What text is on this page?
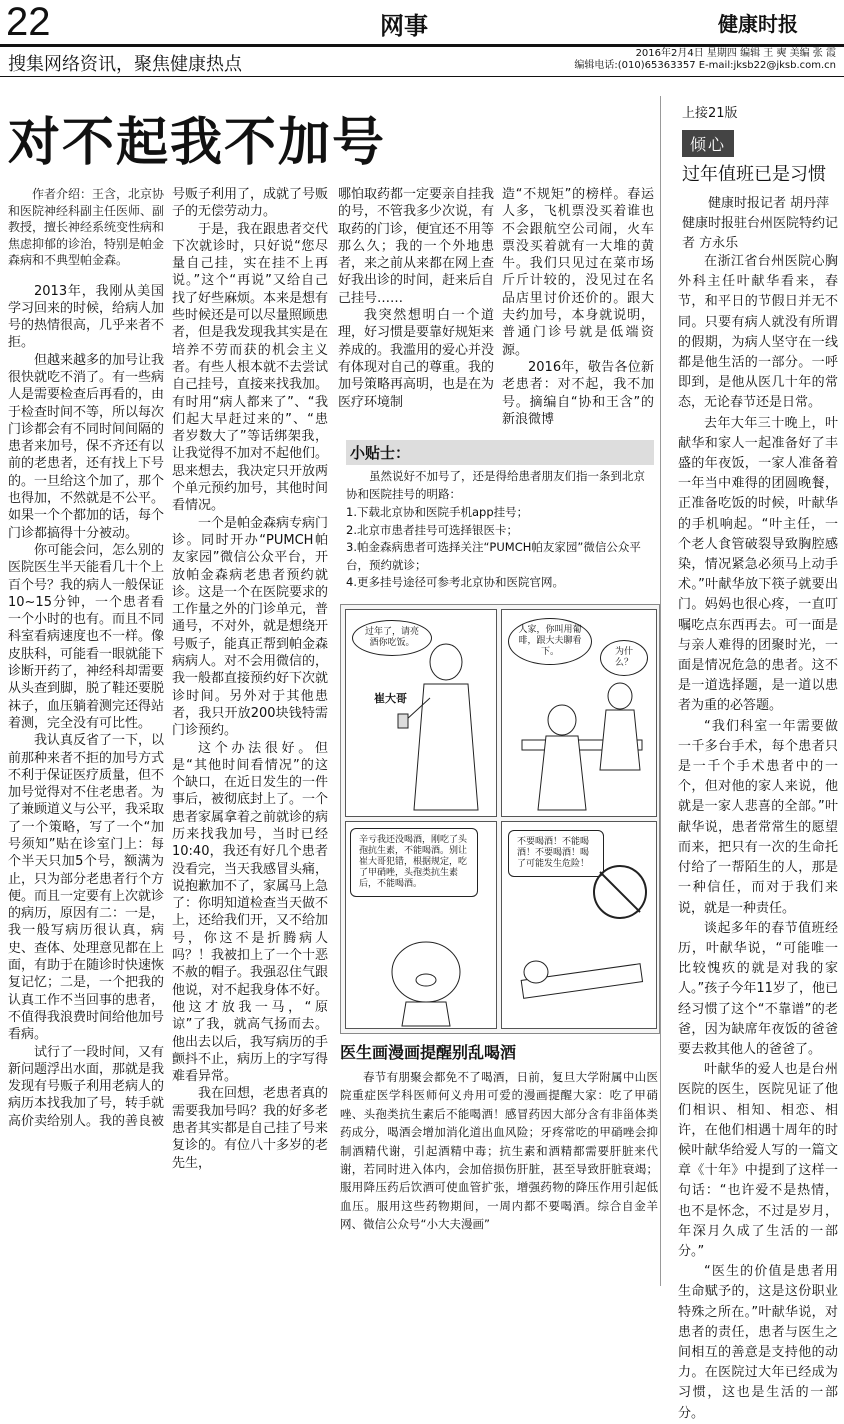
22	网事	健康时报
搜集网络资讯，聚焦健康热点
2016年2月4日 星期四 编辑 王 奭 美编 张 霞
编辑电话:(010)65363357 E-mail:jksb22@jksb.com.cn
对不起我不加号

作者介绍：王含，北京协和医院神经科副主任医师、副教授，擅长神经系统变性病和焦虑抑郁的诊治，特别是帕金森病和不典型帕金森。

2013年，我刚从美国学习回来的时候，给病人加号的热情很高，几乎来者不拒。

但越来越多的加号让我很快就吃不消了。有一些病人是需要检查后再看的，由于检查时间不等，所以每次门诊都会有不同时间间隔的患者来加号，保不齐还有以前的老患者，还有找上下号的。一旦给这个加了，那个也得加，不然就是不公平。如果一个个都加的话，每个门诊都搞得十分被动。

你可能会问，怎么别的医院医生半天能看几十个上百个号？我的病人一般保证10~15分钟，一个患者看一个小时的也有。而且不同科室看病速度也不一样。像皮肤科，可能看一眼就能下诊断开药了，神经科却需要从头查到脚，脱了鞋还要脱袜子，血压躺着测完还得站着测，完全没有可比性。

我认真反省了一下，以前那种来者不拒的加号方式不利于保证医疗质量，但不加号觉得对不住老患者。为了兼顾道义与公平，我采取了一个策略，写了一个“加号须知”贴在诊室门上：每个半天只加5个号，额满为止，只为部分老患者行个方便。而且一定要有上次就诊的病历，原因有二：一是，我一般写病历很认真，病史、查体、处理意见都在上面，有助于在随诊时快速恢复记忆；二是，一个把我的认真工作不当回事的患者，不值得我浪费时间给他加号看病。

试行了一段时间，又有新问题浮出水面，那就是我发现有号贩子利用老病人的病历本找我加了号，转手就高价卖给别人。我的善良被

号贩子利用了，成就了号贩子的无偿劳动力。

于是，我在跟患者交代下次就诊时，只好说“您尽量自己挂，实在挂不上再说。”这个“再说”又给自己找了好些麻烦。本来是想有些时候还是可以尽量照顾患者，但是我发现我其实是在培养不劳而获的机会主义者。有些人根本就不去尝试自己挂号，直接来找我加。有时用“病人都来了”、“我们起大早赶过来的”、“患者岁数大了”等话绑架我，让我觉得不加对不起他们。思来想去，我决定只开放两个单元预约加号，其他时间看情况。

一个是帕金森病专病门诊。同时开办“PUMCH帕友家园”微信公众平台，开放帕金森病老患者预约就诊。这是一个在医院要求的工作量之外的门诊单元，普通号，不对外，就是想绕开号贩子，能真正帮到帕金森病病人。对不会用微信的，我一般都直接预约好下次就诊时间。另外对于其他患者，我只开放200块钱特需门诊预约。

这个办法很好。但是“其他时间看情况”的这个缺口，在近日发生的一件事后，被彻底封上了。一个患者家属拿着之前就诊的病历来找我加号，当时已经10:40，我还有好几个患者没看完，当天我感冒头痛，说抱歉加不了，家属马上急了：你明知道检查当天做不上，还给我们开，又不给加号，你这不是折腾病人吗？！我被扣上了一个十恶不赦的帽子。我强忍住气跟他说，对不起我身体不好。他这才放我一马，“原谅”了我，就高气扬而去。他出去以后，我写病历的手颤抖不止，病历上的字写得难看异常。

我在回想，老患者真的需要我加号吗？我的好多老患者其实都是自己挂了号来复诊的。有位八十多岁的老先生，

哪怕取药都一定要亲自挂我的号，不管我多少次说，有取药的门诊，便宜还不用等那么久；我的一个外地患者，来之前从来都在网上查好我出诊的时间，赶来后自己挂号……

我突然想明白一个道理，好习惯是要靠好规矩来养成的。我滥用的爱心并没有体现对自己的尊重。我的加号策略再高明，也是在为医疗环境制

造“不规矩”的榜样。春运人多，飞机票没买着谁也不会跟航空公司闹，火车票没买着就有一大堆的黄牛。我们只见过在菜市场斤斤计较的，没见过在名品店里讨价还价的。跟大夫约加号，本身就说明，普通门诊号就是低端资源。

2016年，敬告各位新老患者：对不起，我不加号。摘编自“协和王含”的新浪微博

小贴士：
虽然说好不加号了，还是得给患者朋友们指一条到北京协和医院挂号的明路：
1.下载北京协和医院手机app挂号；
2.北京市患者挂号可选择银医卡；
3.帕金森病患者可选择关注“PUMCH帕友家园”微信公众平台，预约就诊；
4.更多挂号途径可参考北京协和医院官网。
过年了，请亮酒你吃饭。
崔大哥
人家，你叫用葡啡，跟大夫聊看下。	为什么？
辛亏我还没喝酒，刚吃了头孢抗生素，不能喝酒。别让崔大哥犯错，根据规定，吃了甲硝唑，头孢类抗生素后，不能喝酒。
不要喝酒！不能喝酒！不要喝酒！喝了可能发生危险！
医生画漫画提醒别乱喝酒
春节有朋聚会都免不了喝酒，日前，复旦大学附属中山医院重症医学科医师何义舟用可爱的漫画提醒大家：吃了甲硝唑、头孢类抗生素后不能喝酒！感冒药因大部分含有非甾体类药成分，喝酒会增加消化道出血风险；牙疼常吃的甲硝唑会抑制酒精代谢，引起酒精中毒；抗生素和酒精都需要肝脏来代谢，若同时进入体内，会加倍损伤肝脏，甚至导致肝脏衰竭；服用降压药后饮酒可使血管扩张，增强药物的降压作用引起低血压。服用这些药物期间，一周内都不要喝酒。综合自金羊网、微信公众号“小大夫漫画”
上接21版
倾心
过年值班已是习惯
健康时报记者 胡丹萍 健康时报驻台州医院特约记者 方永乐

在浙江省台州医院心胸外科主任叶献华看来，春节，和平日的节假日并无不同。只要有病人就没有所谓的假期，为病人坚守在一线都是他生活的一部分。一呼即到，是他从医几十年的常态，无论春节还是日常。

去年大年三十晚上，叶献华和家人一起准备好了丰盛的年夜饭，一家人准备着一年当中难得的团圆晚餐，正准备吃饭的时候，叶献华的手机响起。“叶主任，一个老人食管破裂导致胸腔感染，情况紧急必须马上动手术。”叶献华放下筷子就要出门。妈妈也很心疼，一直叮嘱吃点东西再去。可一面是与亲人难得的团聚时光，一面是情况危急的患者。这不是一道选择题，是一道以患者为重的必答题。

“我们科室一年需要做一千多台手术，每个患者只是一千个手术患者中的一个，但对他的家人来说，他就是一家人悲喜的全部。”叶献华说，患者常常生的愿望而来，把只有一次的生命托付给了一帮陌生的人，那是一种信任，而对于我们来说，就是一种责任。

谈起多年的春节值班经历，叶献华说，“可能唯一比较愧疚的就是对我的家人。”孩子今年11岁了，他已经习惯了这个“不靠谱”的老爸，因为缺席年夜饭的爸爸要去救其他人的爸爸了。

叶献华的爱人也是台州医院的医生，医院见证了他们相识、相知、相恋、相许，在他们相遇十周年的时候叶献华给爱人写的一篇文章《十年》中提到了这样一句话：“也许爱不是热情，也不是怀念，不过是岁月，年深月久成了生活的一部分。”

“医生的价值是患者用生命赋予的，这是这份职业特殊之所在。”叶献华说，对患者的责任，患者与医生之间相互的善意是支持他的动力。在医院过大年已经成为习惯，这也是生活的一部分。
